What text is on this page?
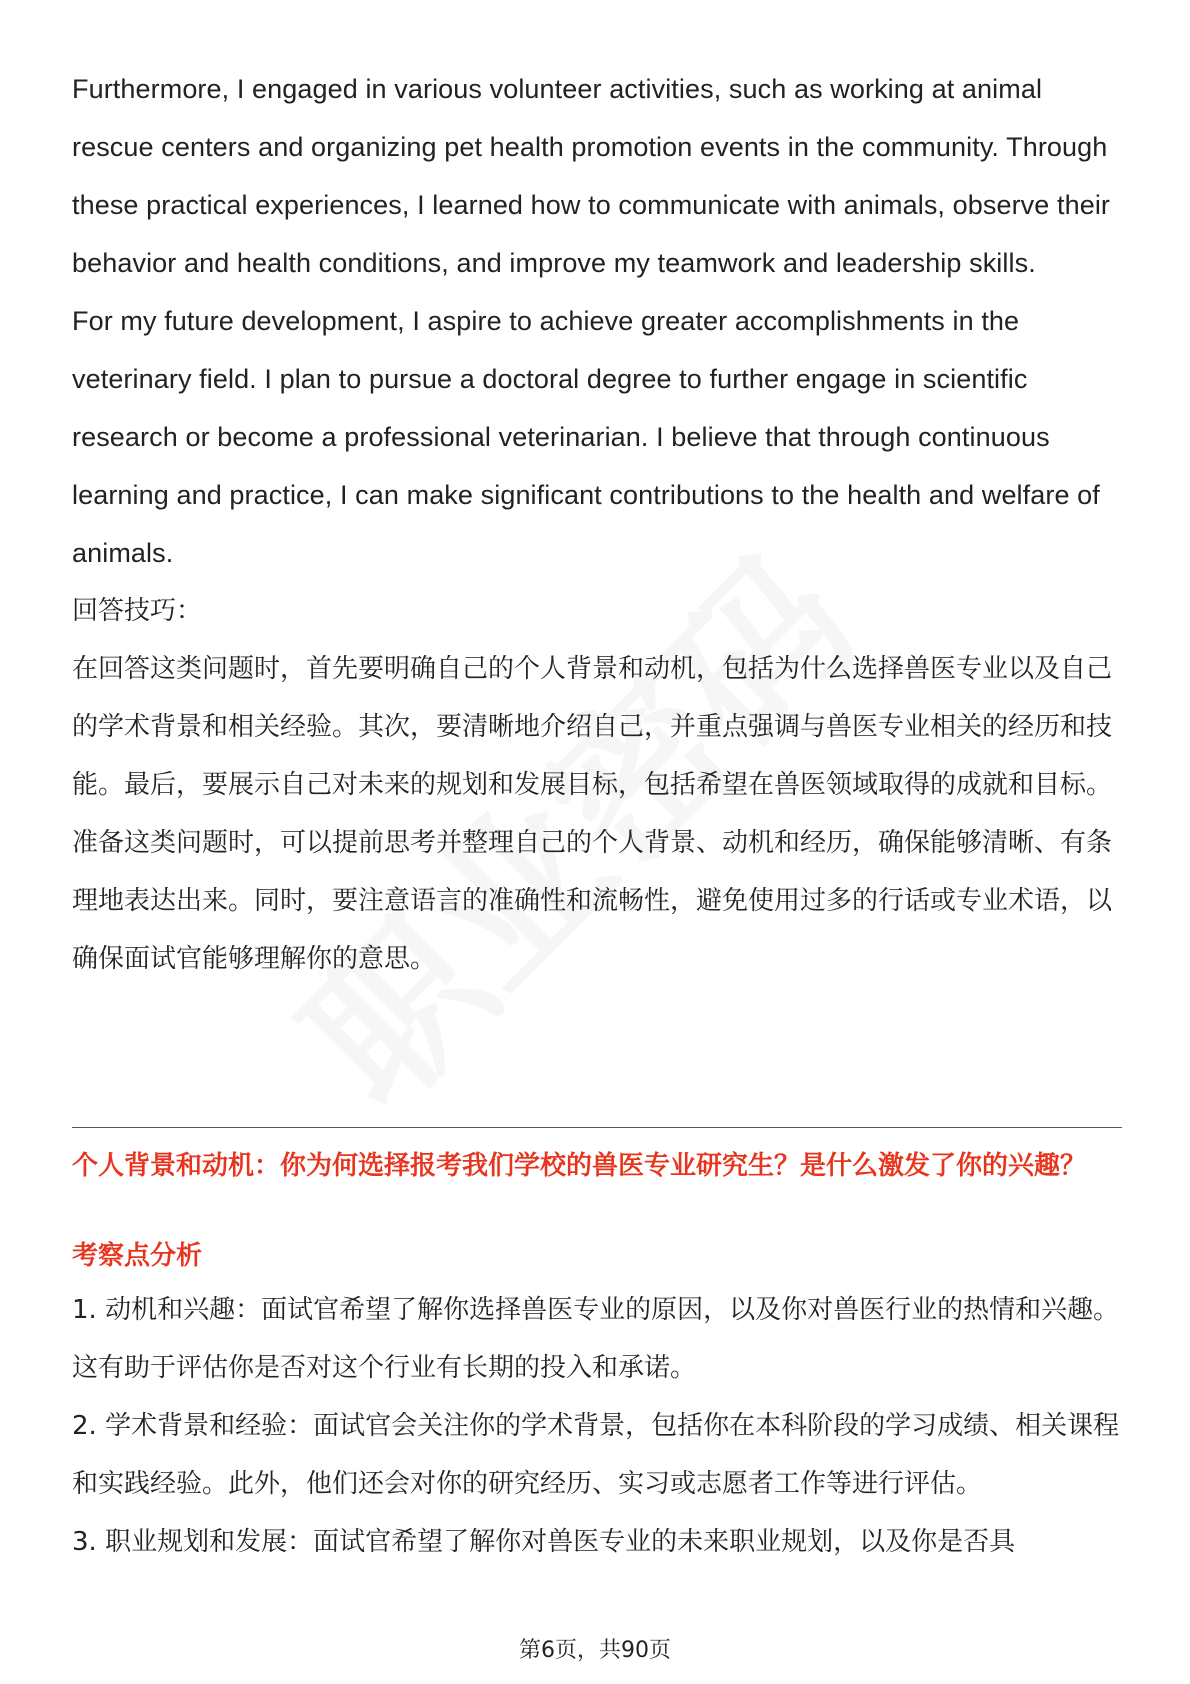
Furthermore, I engaged in various volunteer activities, such as working at animal rescue centers and organizing pet health promotion events in the community. Through these practical experiences, I learned how to communicate with animals, observe their behavior and health conditions, and improve my teamwork and leadership skills.

For my future development, I aspire to achieve greater accomplishments in the veterinary field. I plan to pursue a doctoral degree to further engage in scientific research or become a professional veterinarian. I believe that through continuous learning and practice, I can make significant contributions to the health and welfare of animals.

回答技巧：

在回答这类问题时，首先要明确自己的个人背景和动机，包括为什么选择兽医专业以及自己的学术背景和相关经验。其次，要清晰地介绍自己，并重点强调与兽医专业相关的经历和技能。最后，要展示自己对未来的规划和发展目标，包括希望在兽医领域取得的成就和目标。

准备这类问题时，可以提前思考并整理自己的个人背景、动机和经历，确保能够清晰、有条理地表达出来。同时，要注意语言的准确性和流畅性，避免使用过多的行话或专业术语，以确保面试官能够理解你的意思。

个人背景和动机：你为何选择报考我们学校的兽医专业研究生？是什么激发了你的兴趣？
考察点分析

1. 动机和兴趣：面试官希望了解你选择兽医专业的原因，以及你对兽医行业的热情和兴趣。这有助于评估你是否对这个行业有长期的投入和承诺。

2. 学术背景和经验：面试官会关注你的学术背景，包括你在本科阶段的学习成绩、相关课程和实践经验。此外，他们还会对你的研究经历、实习或志愿者工作等进行评估。

3. 职业规划和发展：面试官希望了解你对兽医专业的未来职业规划，以及你是否具

第6页，共90页
